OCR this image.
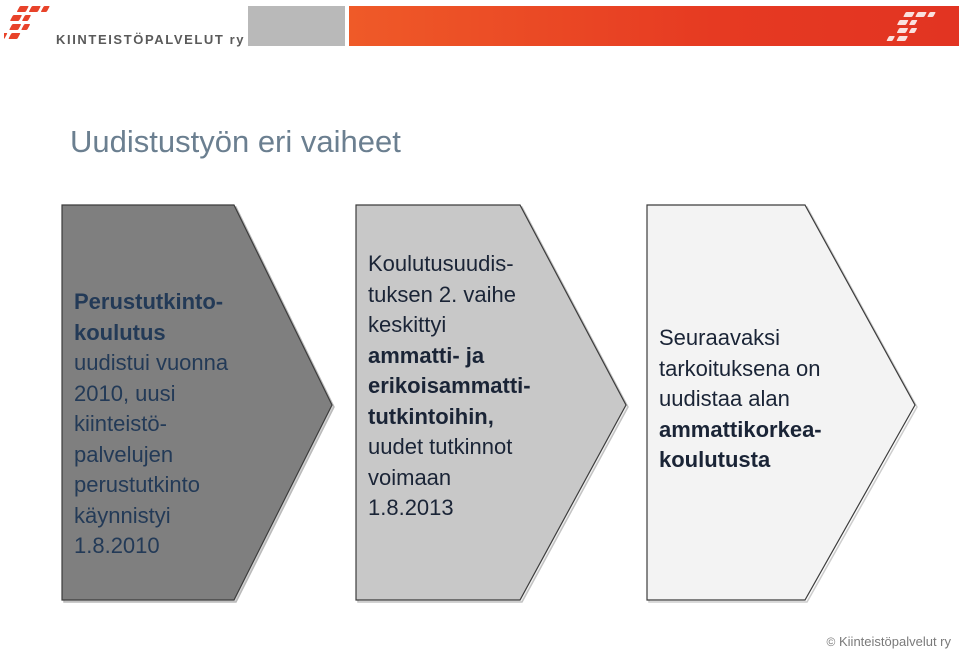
KIINTEISTÖPALVELUT ry
Uudistustyön eri vaiheet
Perustutkinto-
koulutus
uudistui vuonna
2010, uusi
kiinteistö-
palvelujen
perustutkinto
käynnistyi
1.8.2010
Koulutusuudis-
tuksen 2. vaihe
keskittyi
ammatti- ja
erikoisammatti-
tutkintoihin,
uudet tutkinnot
voimaan
1.8.2013
Seuraavaksi
tarkoituksena on
uudistaa alan
ammattikorkea-
koulutusta
© Kiinteistöpalvelut ry
